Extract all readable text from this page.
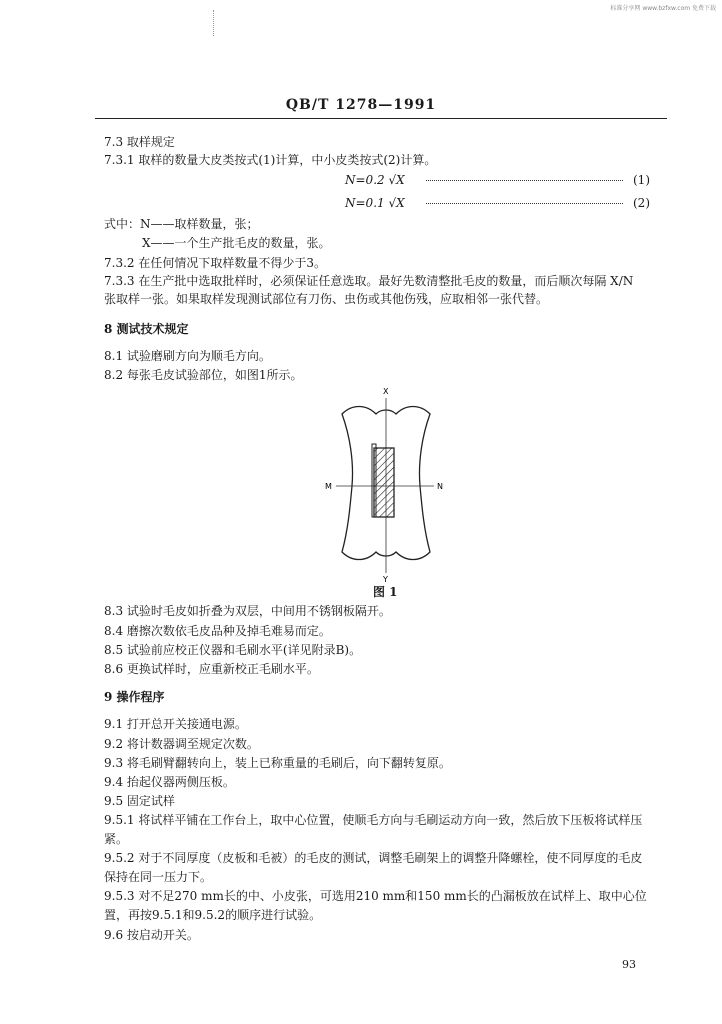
标准分享网 www.bzfxw.com 免费下载
QB/T 1278—1991
7.3 取样规定
7.3.1 取样的数量大皮类按式(1)计算，中小皮类按式(2)计算。
N=0.2 √X	(1)
N=0.1 √X	(2)
式中：N——取样数量，张；
X——一个生产批毛皮的数量，张。
7.3.2 在任何情况下取样数量不得少于3。
7.3.3 在生产批中选取批样时，必须保证任意选取。最好先数清整批毛皮的数量，而后顺次每隔 X/N
张取样一张。如果取样发现测试部位有刀伤、虫伤或其他伤残，应取相邻一张代替。
8 测试技术规定
8.1 试验磨刷方向为顺毛方向。
8.2 每张毛皮试验部位，如图1所示。
X
Y
M	N
图 1
8.3 试验时毛皮如折叠为双层，中间用不锈钢板隔开。
8.4 磨擦次数依毛皮品种及掉毛难易而定。
8.5 试验前应校正仪器和毛刷水平(详见附录B)。
8.6 更换试样时，应重新校正毛刷水平。
9 操作程序
9.1 打开总开关接通电源。
9.2 将计数器调至规定次数。
9.3 将毛刷臂翻转向上，装上已称重量的毛刷后，向下翻转复原。
9.4 抬起仪器两侧压板。
9.5 固定试样
9.5.1 将试样平铺在工作台上，取中心位置，使顺毛方向与毛刷运动方向一致，然后放下压板将试样压
紧。
9.5.2 对于不同厚度（皮板和毛被）的毛皮的测试，调整毛刷架上的调整升降螺栓，使不同厚度的毛皮
保持在同一压力下。
9.5.3 对不足270 mm长的中、小皮张，可选用210 mm和150 mm长的凸漏板放在试样上、取中心位
置，再按9.5.1和9.5.2的顺序进行试验。
9.6 按启动开关。
93
